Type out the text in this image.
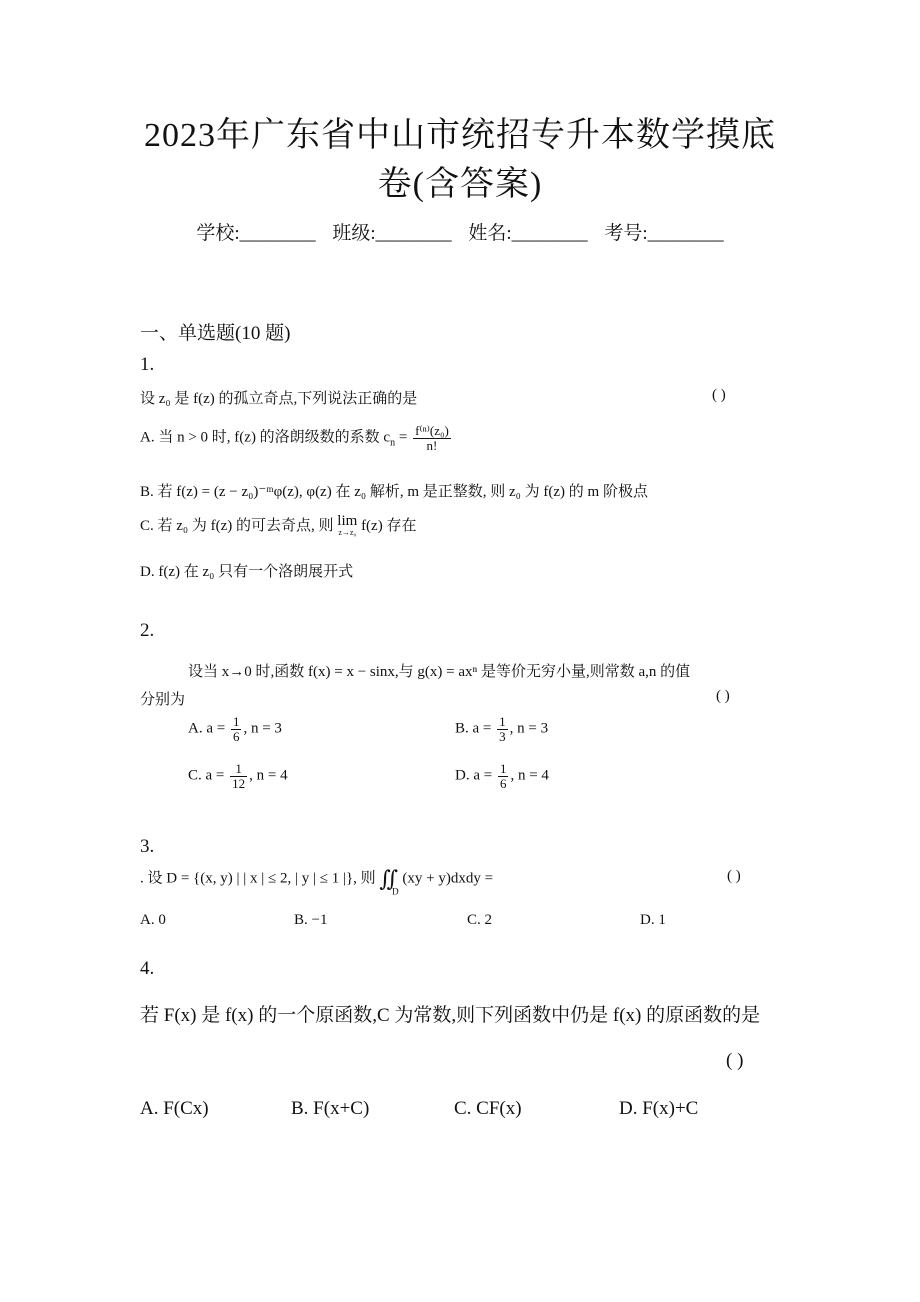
2023年广东省中山市统招专升本数学摸底
卷(含答案)
学校:________ 班级:________ 姓名:________ 考号:________
一、单选题(10 题)
1.
设 z₀ 是 f(z) 的孤立奇点,下列说法正确的是	( )
A. 当 n > 0 时, f(z) 的洛朗级数的系数 $c_n = \frac{\text{f⁽ⁿ⁾(z₀)}}{n!}$
B. 若 f(z) = (z − z₀)⁻ᵐφ(z), φ(z) 在 z₀ 解析, m 是正整数, 则 z₀ 为 f(z) 的 m 阶极点
C. 若 z₀ 为 f(z) 的可去奇点, 则 lim
z→z₀ f(z) 存在
D. f(z) 在 z₀ 只有一个洛朗展开式
2.
设当 x→0 时,函数 f(x) = x − sinx,与 g(x) = axⁿ 是等价无穷小量,则常数 a,n 的值
分别为	( )
A. $a = \frac{1}{6}$ , n = 3	B. $a = \frac{1}{3}$ , n = 3
C. $a = \frac{1}{12}$ , n = 4	D. $a = \frac{1}{6}$ , n = 4
3.
. 设 D = {(x, y) | | x | ≤ 2, | y | ≤ 1 |}, 则 $∬_D$ (xy + y)dxdy =	( )
A. 0	B. −1	C. 2	D. 1
4.
若 F(x) 是 f(x) 的一个原函数,C 为常数,则下列函数中仍是 f(x) 的原函数的是
( )
A. F(Cx)	B. F(x+C)	C. CF(x)	D. F(x)+C
